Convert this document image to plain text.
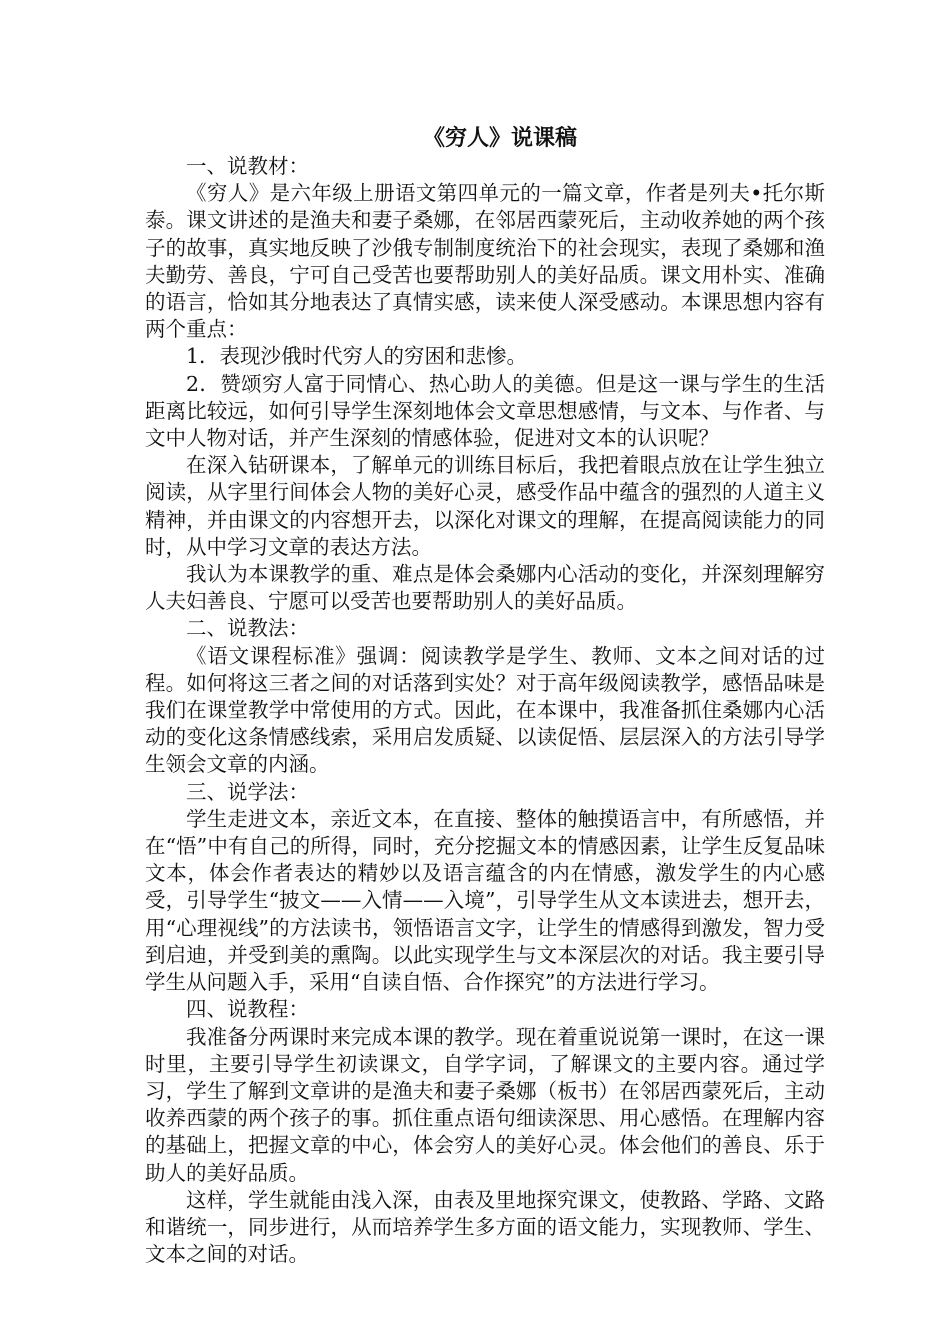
《穷人》说课稿

一、说教材：

《穷人》是六年级上册语文第四单元的一篇文章，作者是列夫•托尔斯泰。课文讲述的是渔夫和妻子桑娜，在邻居西蒙死后，主动收养她的两个孩子的故事，真实地反映了沙俄专制制度统治下的社会现实，表现了桑娜和渔夫勤劳、善良，宁可自己受苦也要帮助别人的美好品质。课文用朴实、准确的语言，恰如其分地表达了真情实感，读来使人深受感动。本课思想内容有两个重点：

1．表现沙俄时代穷人的穷困和悲惨。

2．赞颂穷人富于同情心、热心助人的美德。但是这一课与学生的生活距离比较远，如何引导学生深刻地体会文章思想感情，与文本、与作者、与文中人物对话，并产生深刻的情感体验，促进对文本的认识呢？

在深入钻研课本，了解单元的训练目标后，我把着眼点放在让学生独立阅读，从字里行间体会人物的美好心灵，感受作品中蕴含的强烈的人道主义精神，并由课文的内容想开去，以深化对课文的理解，在提高阅读能力的同时，从中学习文章的表达方法。

我认为本课教学的重、难点是体会桑娜内心活动的变化，并深刻理解穷人夫妇善良、宁愿可以受苦也要帮助别人的美好品质。

二、说教法：

《语文课程标准》强调：阅读教学是学生、教师、文本之间对话的过程。如何将这三者之间的对话落到实处？对于高年级阅读教学，感悟品味是我们在课堂教学中常使用的方式。因此，在本课中，我准备抓住桑娜内心活动的变化这条情感线索，采用启发质疑、以读促悟、层层深入的方法引导学生领会文章的内涵。

三、说学法：

学生走进文本，亲近文本，在直接、整体的触摸语言中，有所感悟，并在“悟”中有自己的所得，同时，充分挖掘文本的情感因素，让学生反复品味文本，体会作者表达的精妙以及语言蕴含的内在情感，激发学生的内心感受，引导学生“披文——入情——入境”，引导学生从文本读进去，想开去，用“心理视线”的方法读书，领悟语言文字，让学生的情感得到激发，智力受到启迪，并受到美的熏陶。以此实现学生与文本深层次的对话。我主要引导学生从问题入手，采用“自读自悟、合作探究”的方法进行学习。

四、说教程：

我准备分两课时来完成本课的教学。现在着重说说第一课时，在这一课时里，主要引导学生初读课文，自学字词，了解课文的主要内容。通过学习，学生了解到文章讲的是渔夫和妻子桑娜（板书）在邻居西蒙死后，主动收养西蒙的两个孩子的事。抓住重点语句细读深思、用心感悟。在理解内容的基础上，把握文章的中心，体会穷人的美好心灵。体会他们的善良、乐于助人的美好品质。

这样，学生就能由浅入深，由表及里地探究课文，使教路、学路、文路和谐统一，同步进行，从而培养学生多方面的语文能力，实现教师、学生、文本之间的对话。
